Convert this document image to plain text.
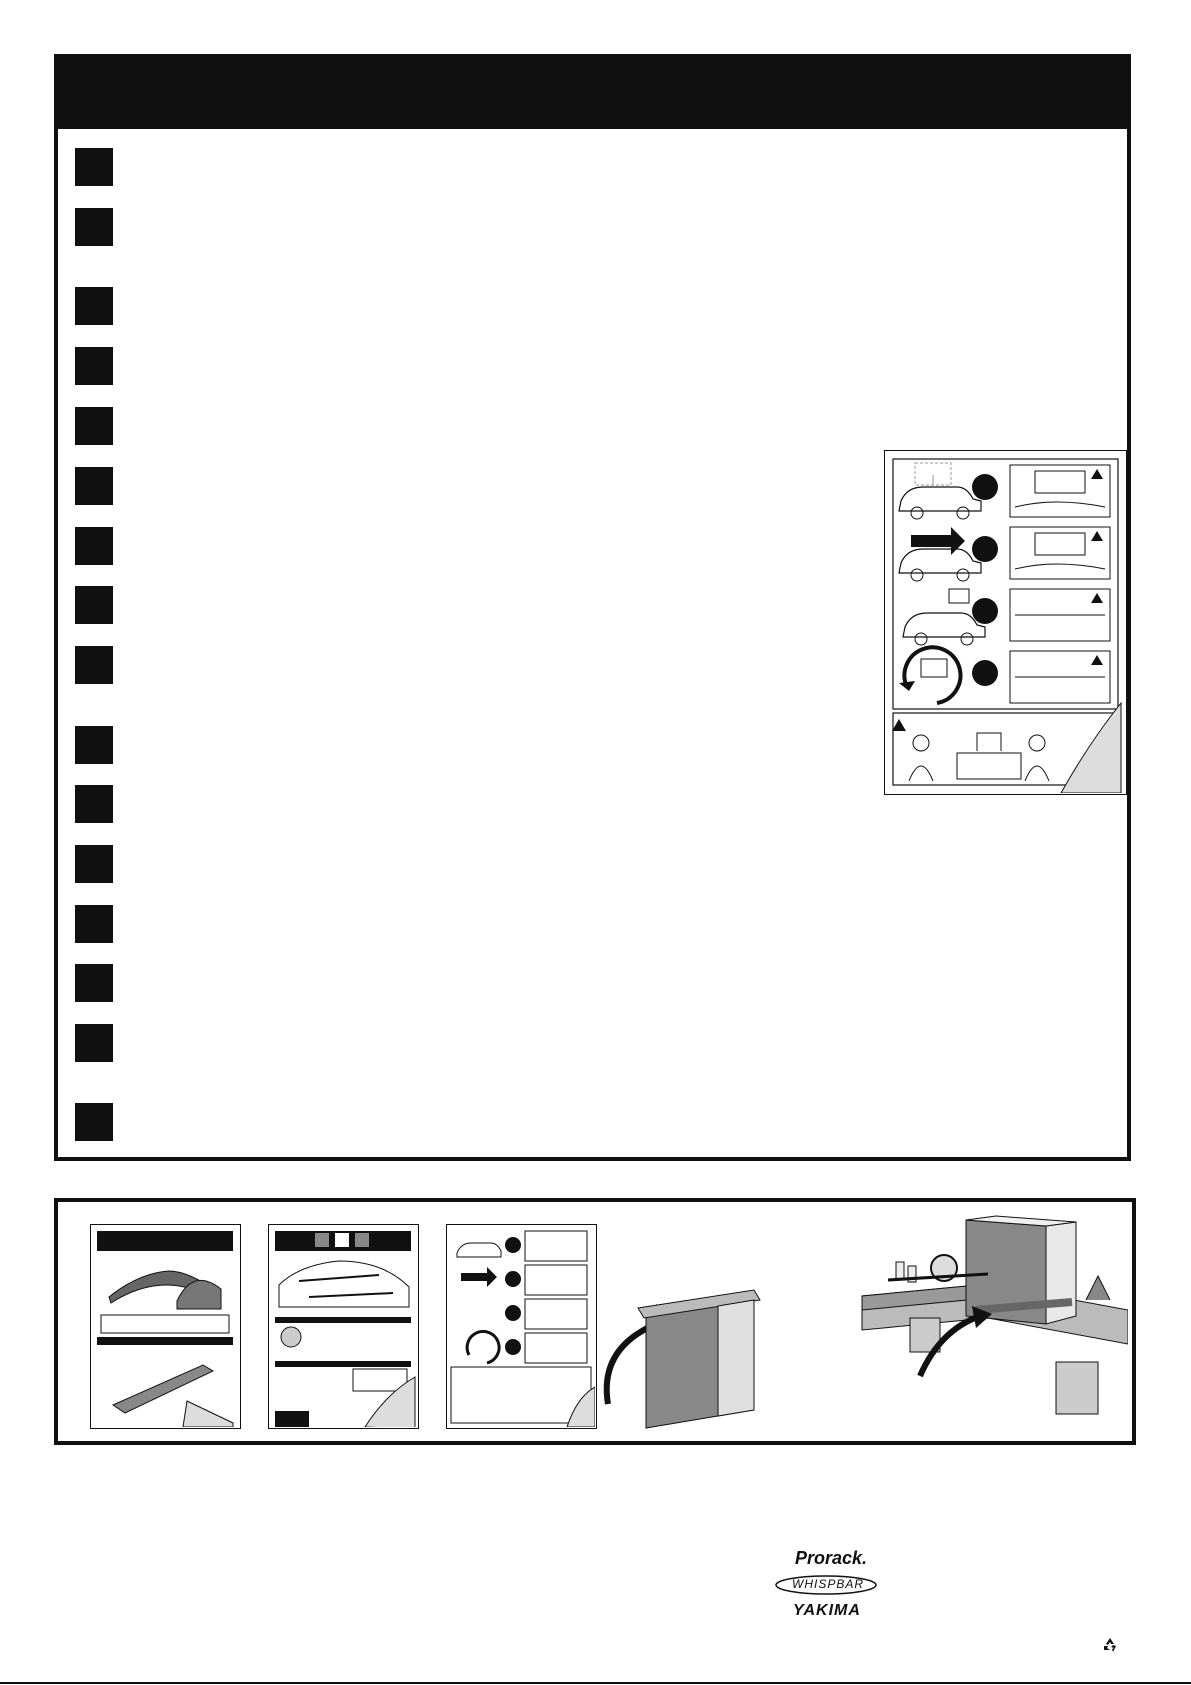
Prorack.
WHISPBAR
YAKIMA
